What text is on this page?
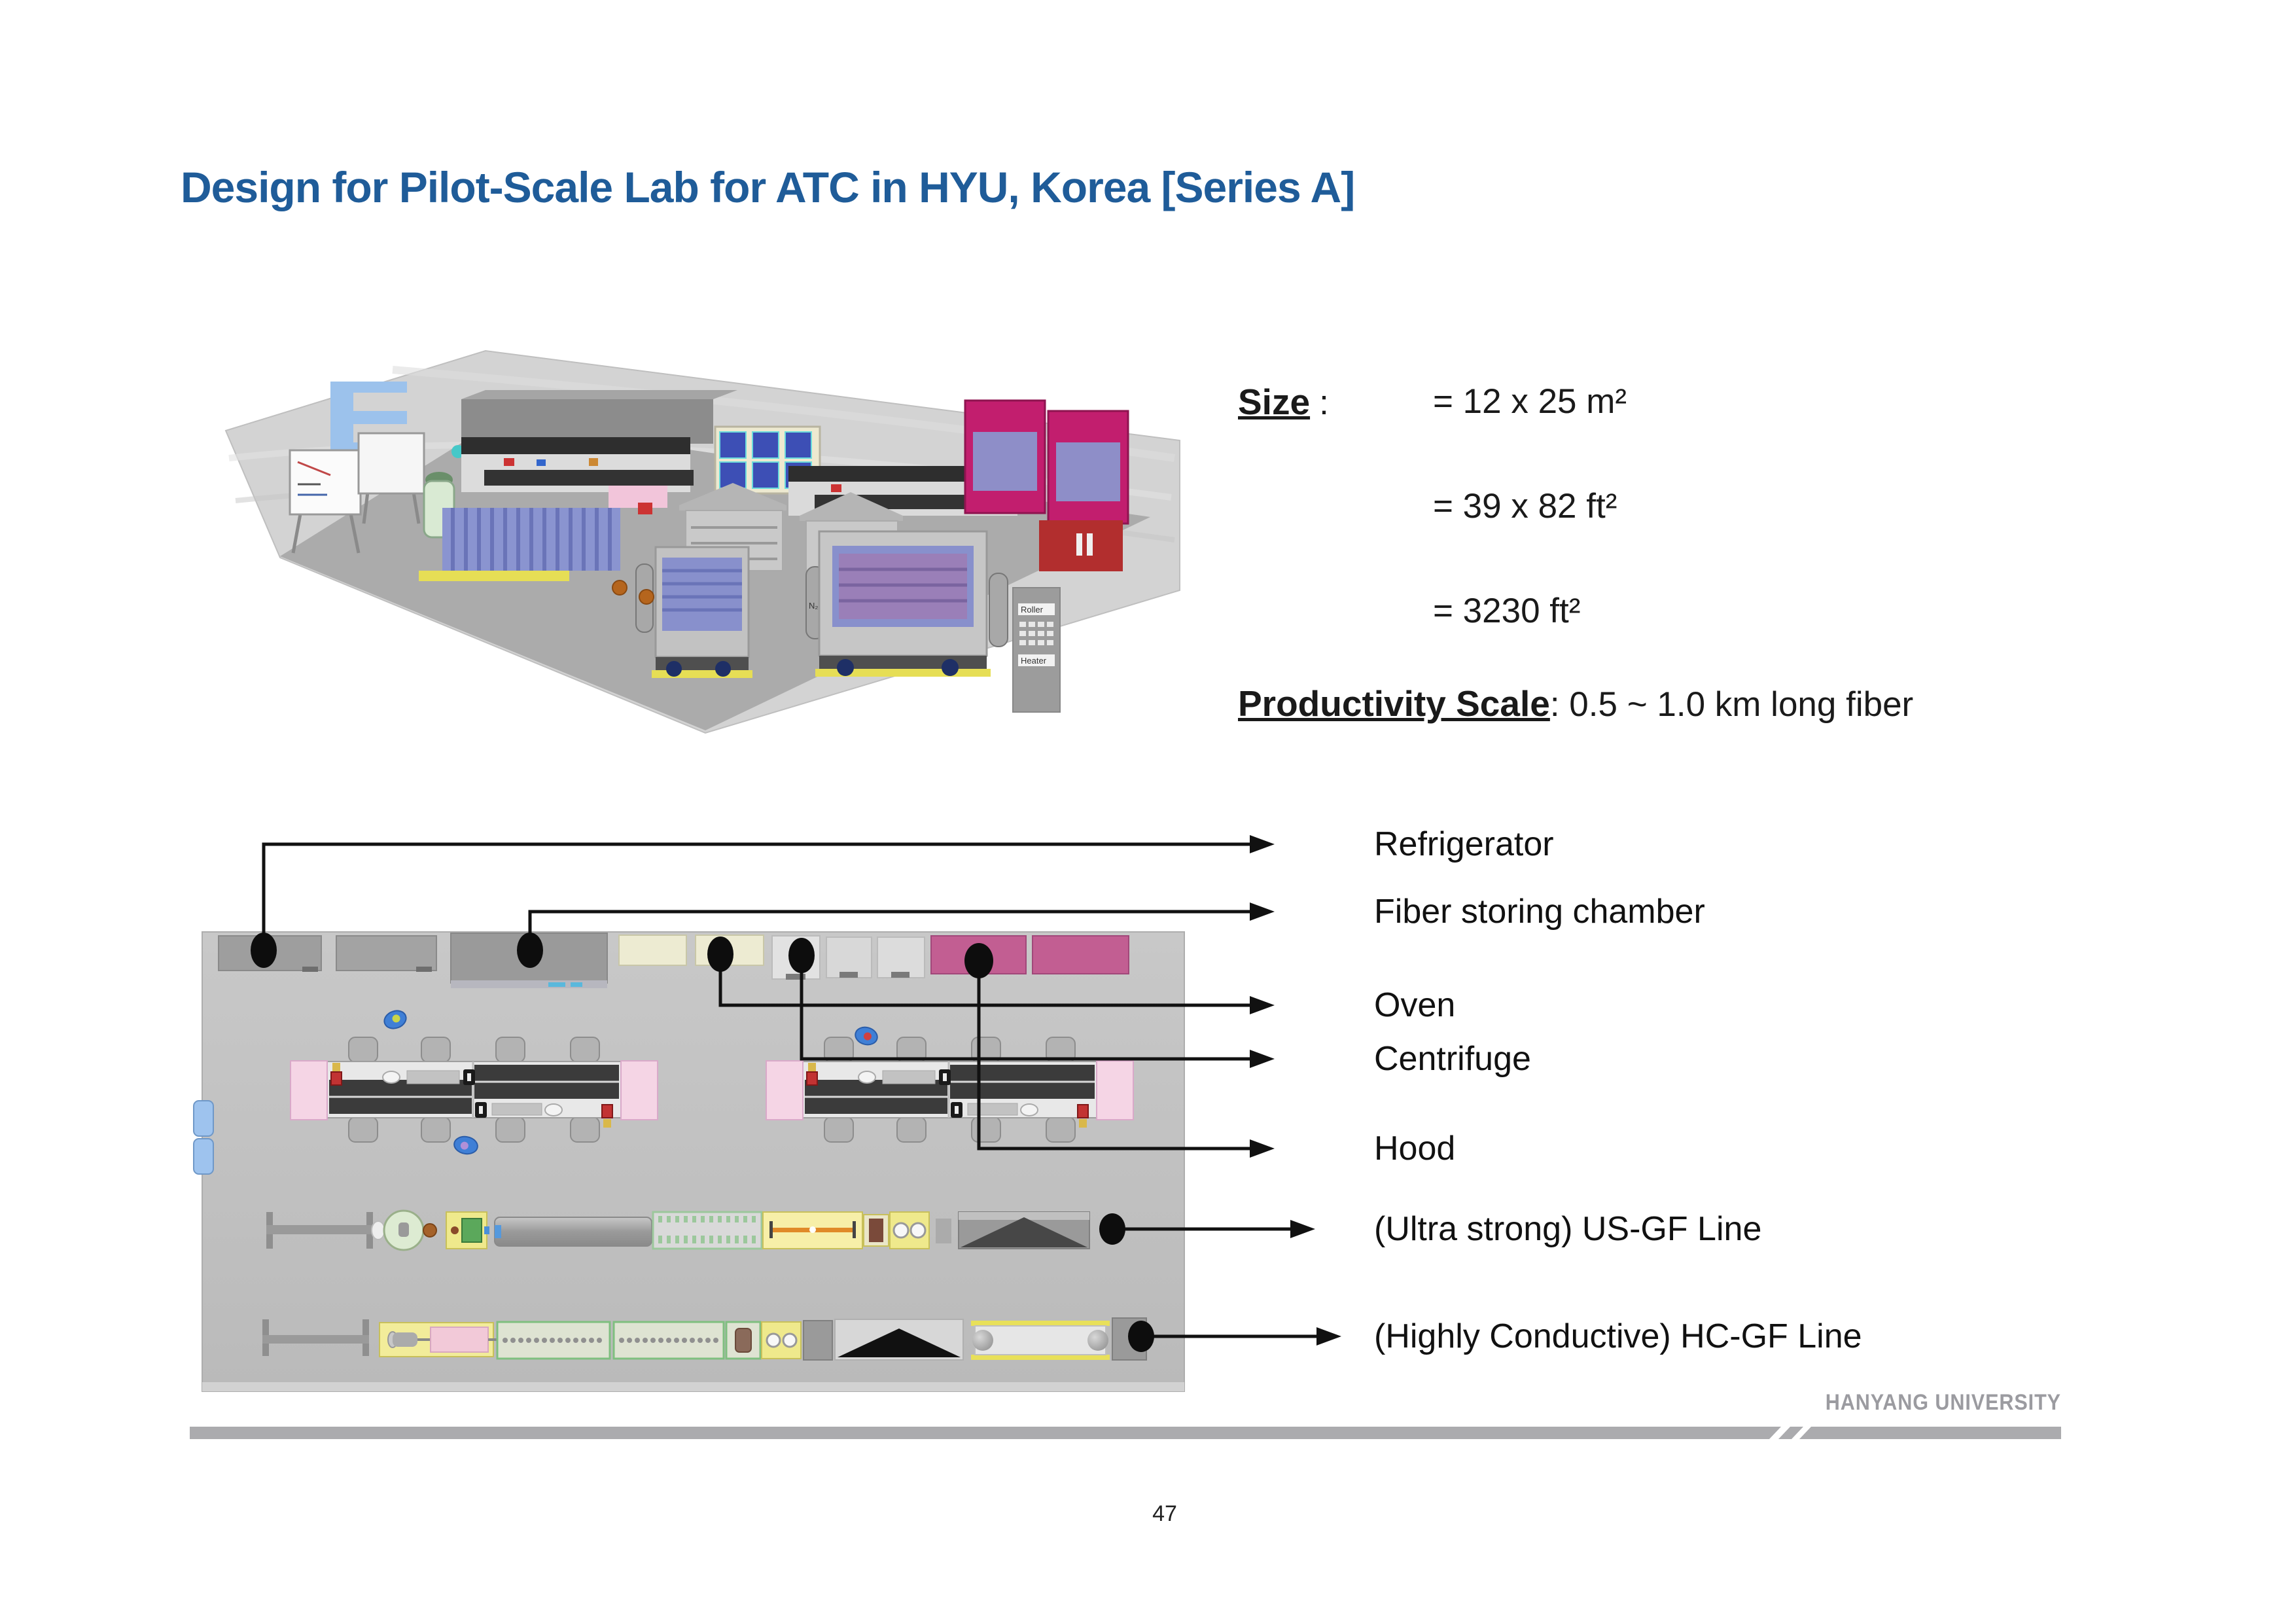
N₂	Roller
Heater
Design for Pilot-Scale Lab for ATC in HYU, Korea [Series A]
Size :	= 12 x 25 m²
= 39 x 82 ft²
= 3230 ft²
Productivity Scale: 0.5 ~ 1.0 km long fiber
Refrigerator
Fiber storing chamber
Oven
Centrifuge
Hood
(Ultra strong) US-GF Line
(Highly Conductive) HC-GF Line
HANYANG UNIVERSITY
47
